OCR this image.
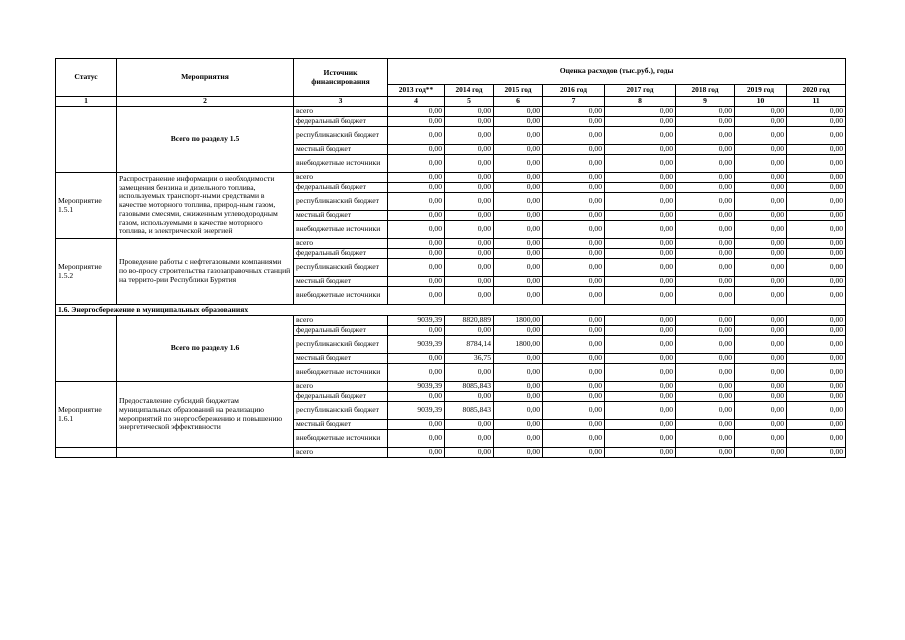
Статус	Мероприятия	Источник финансирования	Оценка расходов (тыс.руб.), годы							
			2013 год**	2014 год	2015 год	2016 год	2017 год	2018 год	2019 год	2020 год
1	2	3	4	5	6	7	8	9	10	11
	Всего по разделу 1.5	всего	0,00	0,00	0,00	0,00	0,00	0,00	0,00	0,00
		федеральный бюджет	0,00	0,00	0,00	0,00	0,00	0,00	0,00	0,00
		республиканский бюджет	0,00	0,00	0,00	0,00	0,00	0,00	0,00	0,00
		местный бюджет	0,00	0,00	0,00	0,00	0,00	0,00	0,00	0,00
		внебюджетные источники	0,00	0,00	0,00	0,00	0,00	0,00	0,00	0,00
Мероприятие 1.5.1	Распространение информации о необходимости замещения бензина и дизельного топлива, используемых транспорт-ными средствами в качестве моторного топлива, природ-ным газом, газовыми смесями, сжиженным углеводородным газом, используемыми в качестве моторного топлива, и электрической энергией	всего	0,00	0,00	0,00	0,00	0,00	0,00	0,00	0,00
		федеральный бюджет	0,00	0,00	0,00	0,00	0,00	0,00	0,00	0,00
		республиканский бюджет	0,00	0,00	0,00	0,00	0,00	0,00	0,00	0,00
		местный бюджет	0,00	0,00	0,00	0,00	0,00	0,00	0,00	0,00
		внебюджетные источники	0,00	0,00	0,00	0,00	0,00	0,00	0,00	0,00
Мероприятие 1.5.2	Проведение работы с нефтегазовыми компаниями по во-просу строительства газозаправочных станций на террито-рии Республики Бурятия	всего	0,00	0,00	0,00	0,00	0,00	0,00	0,00	0,00
		федеральный бюджет	0,00	0,00	0,00	0,00	0,00	0,00	0,00	0,00
		республиканский бюджет	0,00	0,00	0,00	0,00	0,00	0,00	0,00	0,00
		местный бюджет	0,00	0,00	0,00	0,00	0,00	0,00	0,00	0,00
		внебюджетные источники	0,00	0,00	0,00	0,00	0,00	0,00	0,00	0,00
1.6. Энергосбережение в муниципальных образованиях										
	Всего по разделу 1.6	всего	9039,39	8820,889	1800,00	0,00	0,00	0,00	0,00	0,00
		федеральный бюджет	0,00	0,00	0,00	0,00	0,00	0,00	0,00	0,00
		республиканский бюджет	9039,39	8784,14	1800,00	0,00	0,00	0,00	0,00	0,00
		местный бюджет	0,00	36,75	0,00	0,00	0,00	0,00	0,00	0,00
		внебюджетные источники	0,00	0,00	0,00	0,00	0,00	0,00	0,00	0,00
Мероприятие 1.6.1	Предоставление субсидий бюджетам муниципальных образований на реализацию мероприятий по энергосбережению и повышению энергетической эффективности	всего	9039,39	8085,843	0,00	0,00	0,00	0,00	0,00	0,00
		федеральный бюджет	0,00	0,00	0,00	0,00	0,00	0,00	0,00	0,00
		республиканский бюджет	9039,39	8085,843	0,00	0,00	0,00	0,00	0,00	0,00
		местный бюджет	0,00	0,00	0,00	0,00	0,00	0,00	0,00	0,00
		внебюджетные источники	0,00	0,00	0,00	0,00	0,00	0,00	0,00	0,00
		всего	0,00	0,00	0,00	0,00	0,00	0,00	0,00	0,00
